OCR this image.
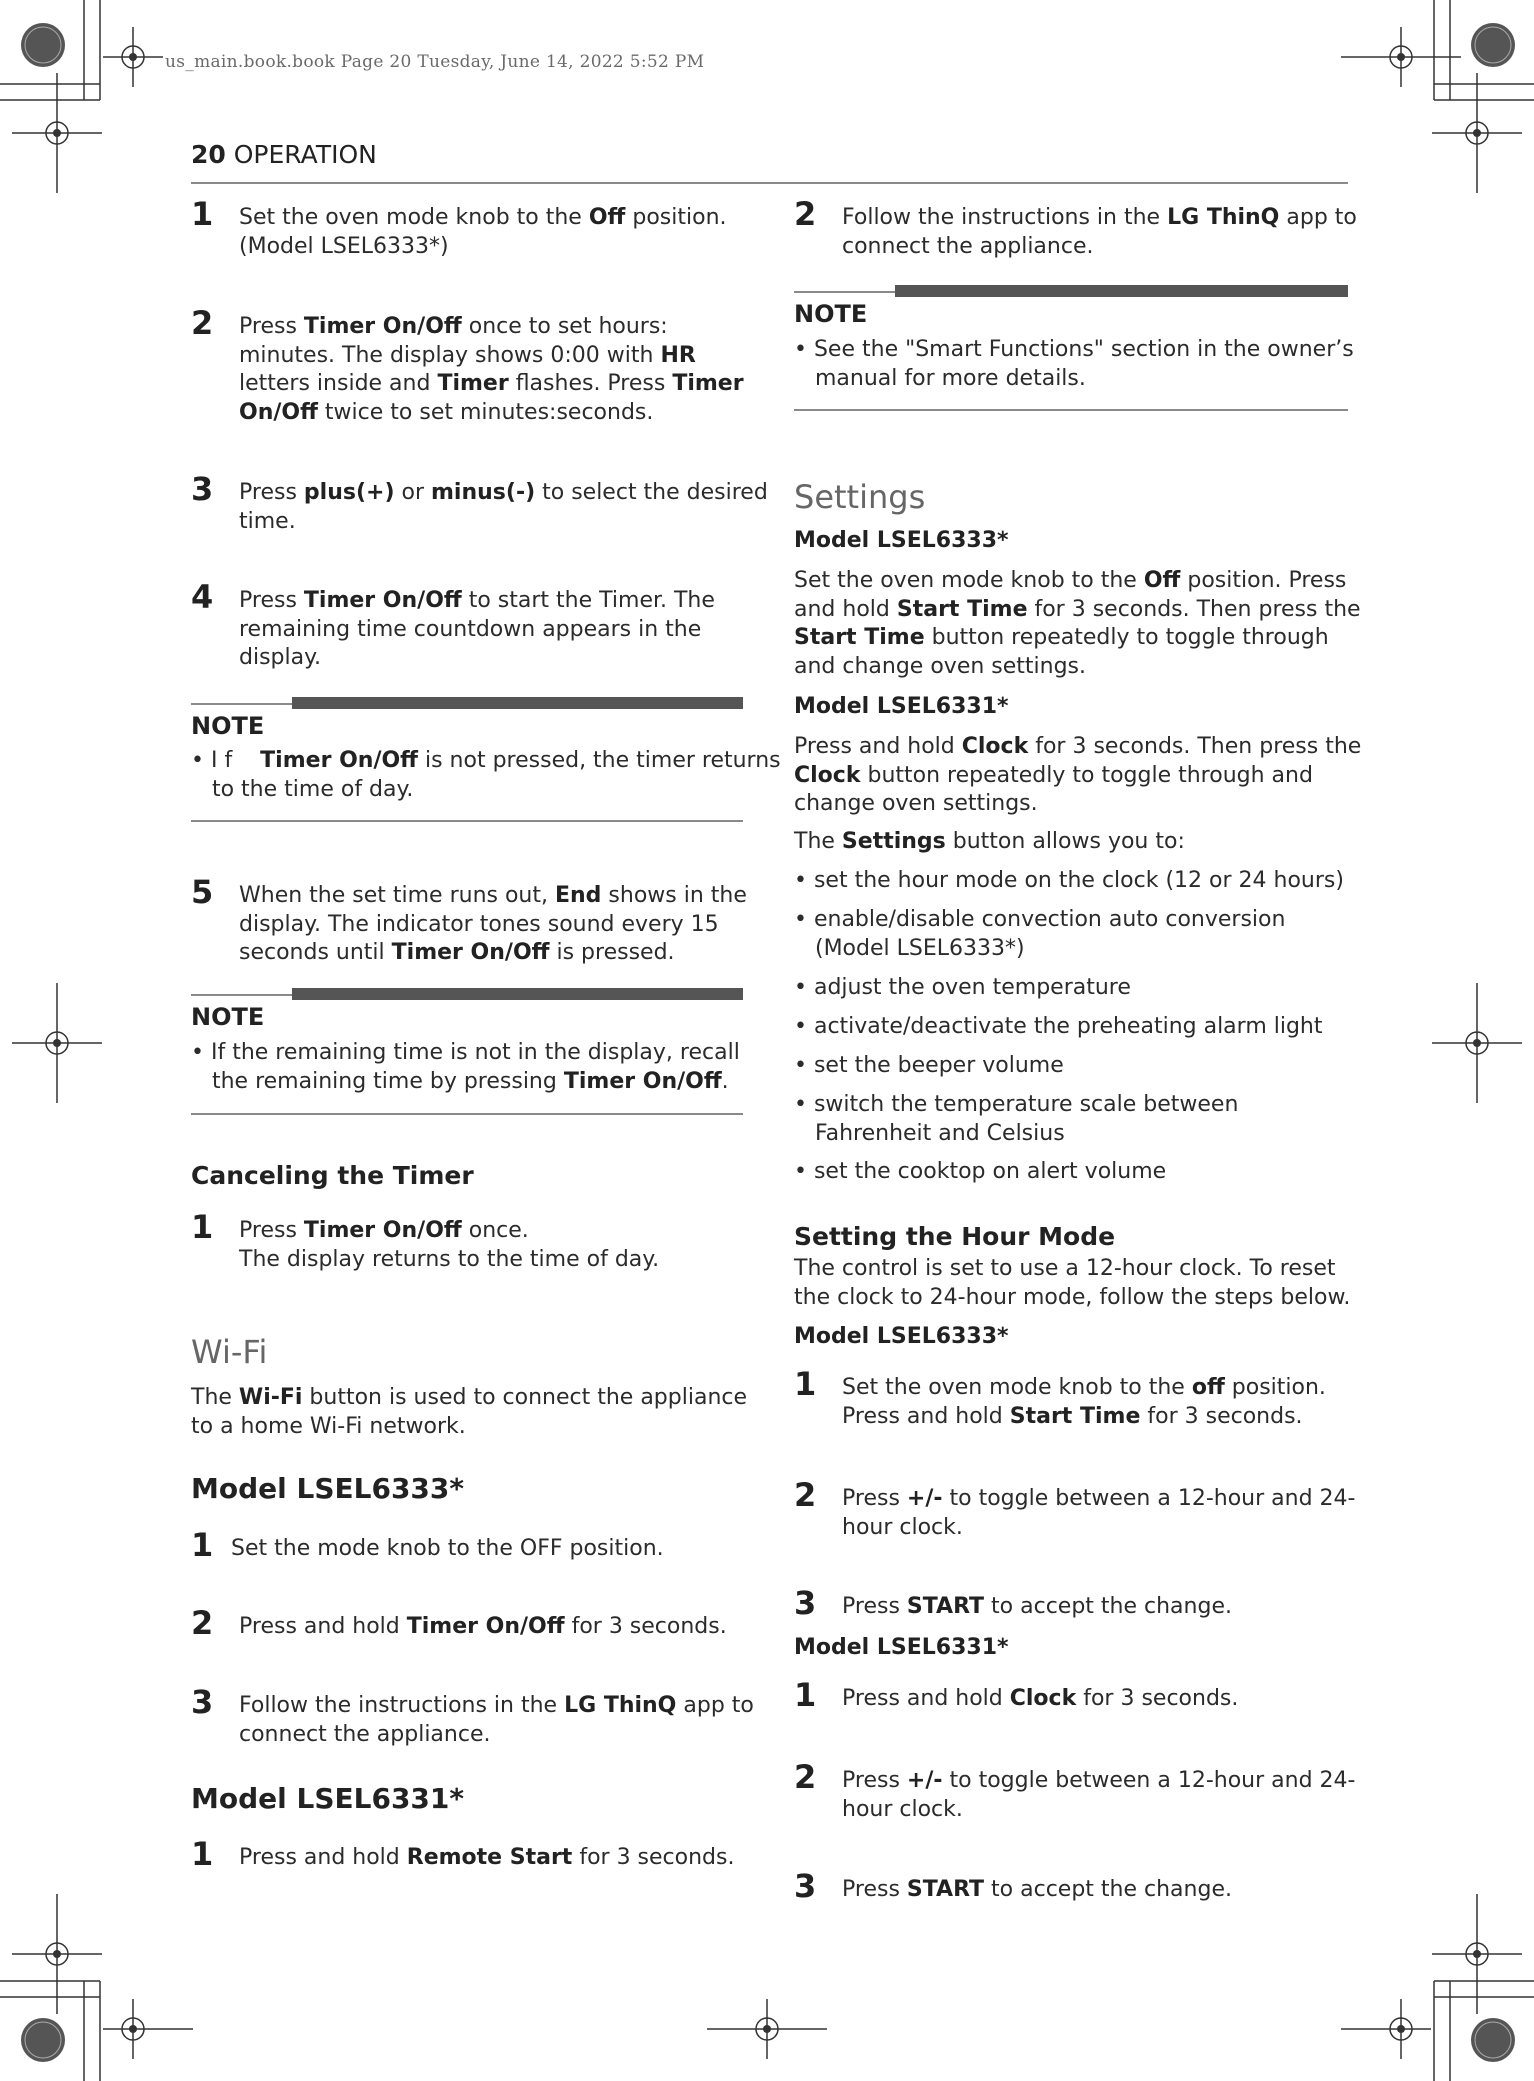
us_main.book.book Page 20 Tuesday, June 14, 2022 5:52 PM
20 OPERATION
1 Set the oven mode knob to the Off position.
(Model LSEL6333*)
2 Press Timer On/Off once to set hours:
minutes. The display shows 0:00 with HR
letters inside and Timer flashes. Press Timer
On/Off twice to set minutes:seconds.
3 Press plus(+) or minus(-) to select the desired
time.
4 Press Timer On/Off to start the Timer. The
remaining time countdown appears in the
display.
NOTE
• I f    Timer On/Off is not pressed, the timer returns
to the time of day.
5 When the set time runs out, End shows in the
display. The indicator tones sound every 15
seconds until Timer On/Off is pressed.
NOTE
• If the remaining time is not in the display, recall
the remaining time by pressing Timer On/Off.
Canceling the Timer
1 Press Timer On/Off once.
The display returns to the time of day.
Wi-Fi
The Wi-Fi button is used to connect the appliance
to a home Wi-Fi network.
Model LSEL6333*
1 Set the mode knob to the OFF position.
2 Press and hold Timer On/Off for 3 seconds.
3 Follow the instructions in the LG ThinQ app to
connect the appliance.
Model LSEL6331*
1 Press and hold Remote Start for 3 seconds.
2 Follow the instructions in the LG ThinQ app to
connect the appliance.
NOTE
• See the "Smart Functions" section in the owner’s
manual for more details.
Settings
Model LSEL6333*
Set the oven mode knob to the Off position. Press
and hold Start Time for 3 seconds. Then press the
Start Time button repeatedly to toggle through
and change oven settings.
Model LSEL6331*
Press and hold Clock for 3 seconds. Then press the
Clock button repeatedly to toggle through and
change oven settings.
The Settings button allows you to:
• set the hour mode on the clock (12 or 24 hours)
• enable/disable convection auto conversion
(Model LSEL6333*)
• adjust the oven temperature
• activate/deactivate the preheating alarm light
• set the beeper volume
• switch the temperature scale between
Fahrenheit and Celsius
• set the cooktop on alert volume
Setting the Hour Mode
The control is set to use a 12-hour clock. To reset
the clock to 24-hour mode, follow the steps below.
Model LSEL6333*
1 Set the oven mode knob to the off position.
Press and hold Start Time for 3 seconds.
2 Press +/- to toggle between a 12-hour and 24-
hour clock.
3 Press START to accept the change.
Model LSEL6331*
1 Press and hold Clock for 3 seconds.
2 Press +/- to toggle between a 12-hour and 24-
hour clock.
3 Press START to accept the change.
